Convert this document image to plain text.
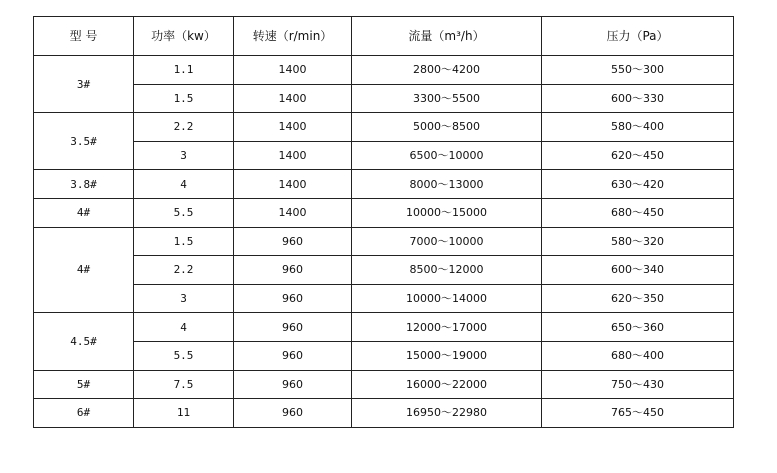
型 号	功率（kw）	转速（r/min）	流量（m³/h）	压力（Pa）
3#	1.1	1400	2800～4200	550～300
	1.5	1400	3300～5500	600～330
3.5#	2.2	1400	5000～8500	580～400
	3	1400	6500～10000	620～450
3.8#	4	1400	8000～13000	630～420
4#	5.5	1400	10000～15000	680～450
4#	1.5	960	7000～10000	580～320
	2.2	960	8500～12000	600～340
	3	960	10000～14000	620～350
4.5#	4	960	12000～17000	650～360
	5.5	960	15000～19000	680～400
5#	7.5	960	16000～22000	750～430
6#	11	960	16950～22980	765～450
